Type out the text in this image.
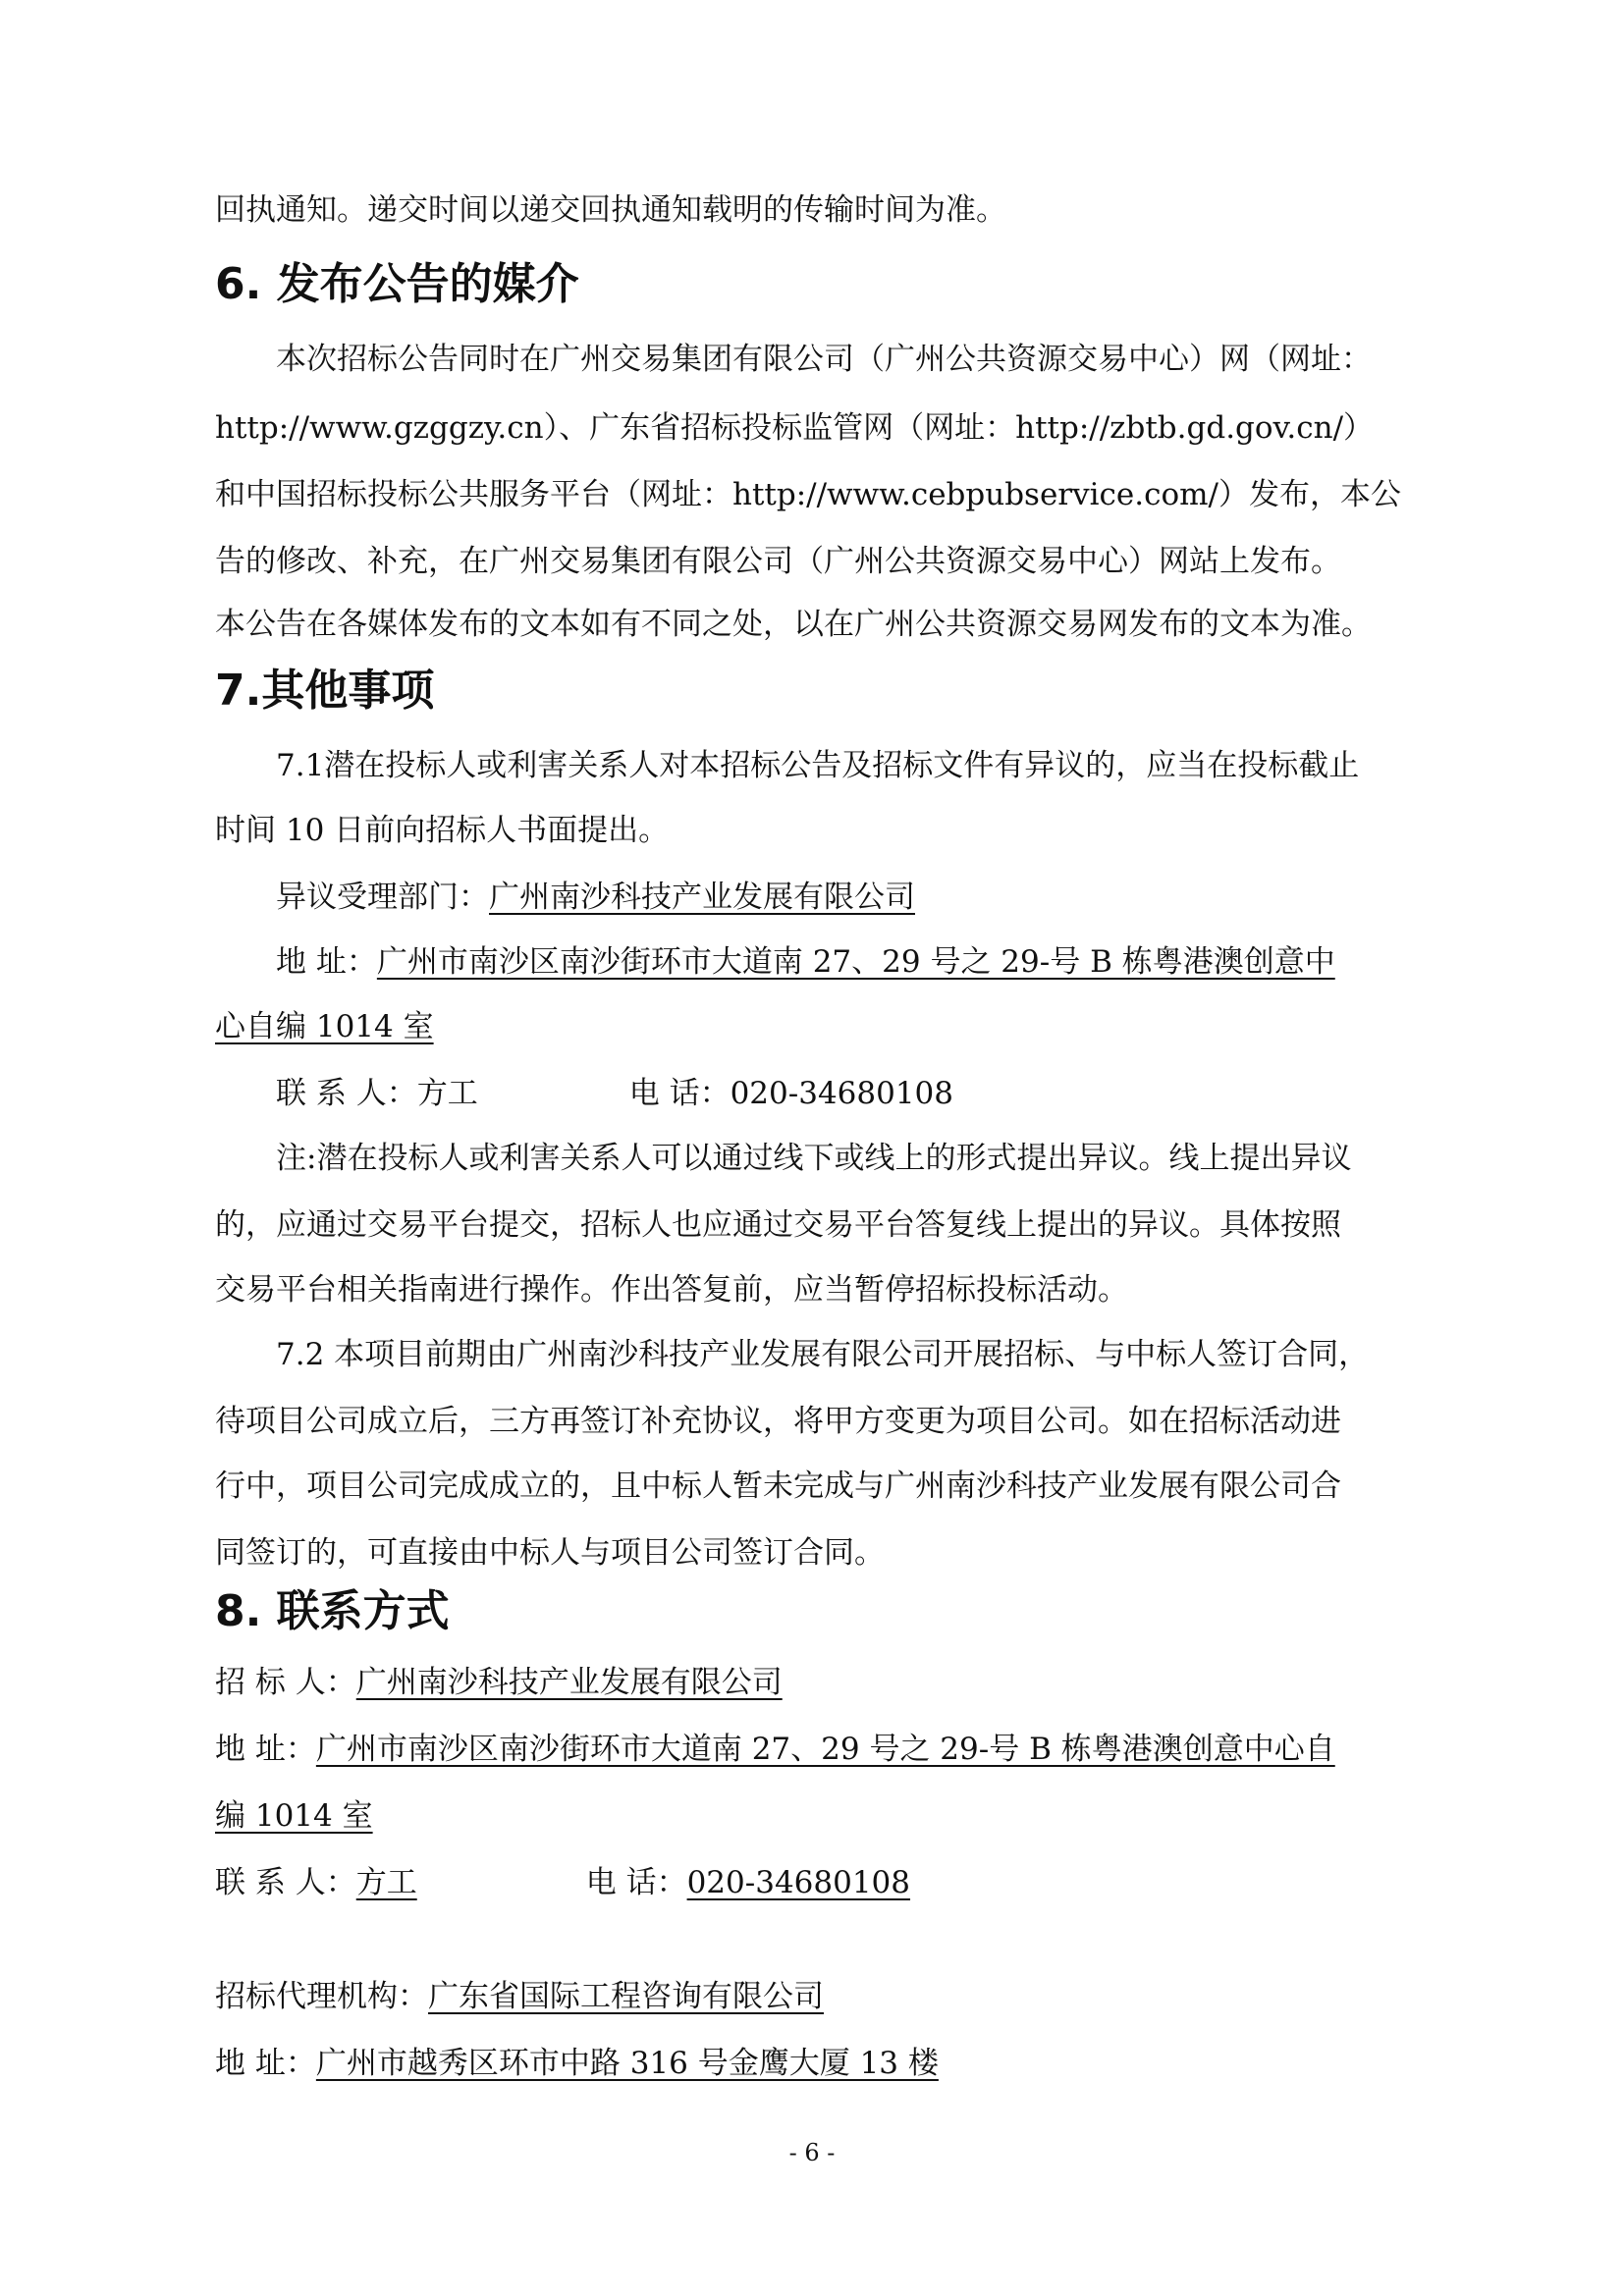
回执通知。递交时间以递交回执通知载明的传输时间为准。
6. 发布公告的媒介
本次招标公告同时在广州交易集团有限公司（广州公共资源交易中心）网（网址：
http://www.gzggzy.cn）、广东省招标投标监管网（网址：http://zbtb.gd.gov.cn/）
和中国招标投标公共服务平台（网址：http://www.cebpubservice.com/）发布，本公
告的修改、补充，在广州交易集团有限公司（广州公共资源交易中心）网站上发布。
本公告在各媒体发布的文本如有不同之处，以在广州公共资源交易网发布的文本为准。
7.其他事项
7.1潜在投标人或利害关系人对本招标公告及招标文件有异议的，应当在投标截止
时间 10 日前向招标人书面提出。
异议受理部门：广州南沙科技产业发展有限公司
地 址：广州市南沙区南沙街环市大道南 27、29 号之 29-号 B 栋粤港澳创意中
心自编 1014 室
联 系 人：方工	电 话：020-34680108
注:潜在投标人或利害关系人可以通过线下或线上的形式提出异议。线上提出异议
的，应通过交易平台提交，招标人也应通过交易平台答复线上提出的异议。具体按照
交易平台相关指南进行操作。作出答复前，应当暂停招标投标活动。
7.2 本项目前期由广州南沙科技产业发展有限公司开展招标、与中标人签订合同，
待项目公司成立后，三方再签订补充协议，将甲方变更为项目公司。如在招标活动进
行中，项目公司完成成立的，且中标人暂未完成与广州南沙科技产业发展有限公司合
同签订的，可直接由中标人与项目公司签订合同。
8. 联系方式
招 标 人：广州南沙科技产业发展有限公司
地 址：广州市南沙区南沙街环市大道南 27、29 号之 29-号 B 栋粤港澳创意中心自
编 1014 室
联 系 人：方工	电 话：020-34680108
招标代理机构：广东省国际工程咨询有限公司
地 址：广州市越秀区环市中路 316 号金鹰大厦 13 楼
- 6 -
